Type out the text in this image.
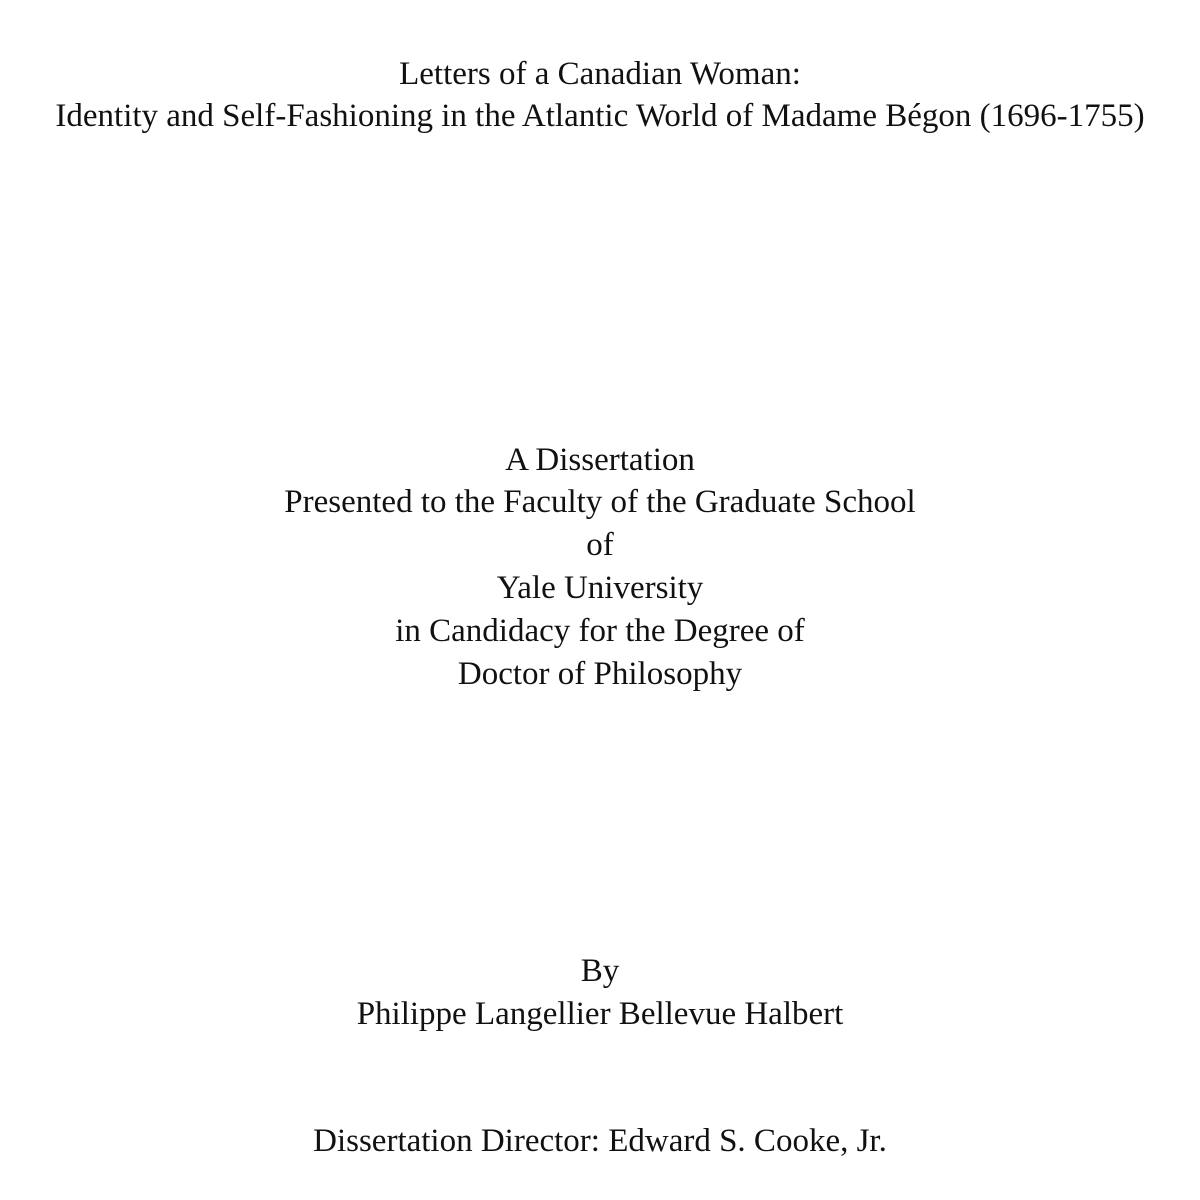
Letters of a Canadian Woman:
Identity and Self-Fashioning in the Atlantic World of Madame Bégon (1696-1755)
A Dissertation
Presented to the Faculty of the Graduate School
of
Yale University
in Candidacy for the Degree of
Doctor of Philosophy
By
Philippe Langellier Bellevue Halbert
Dissertation Director: Edward S. Cooke, Jr.
